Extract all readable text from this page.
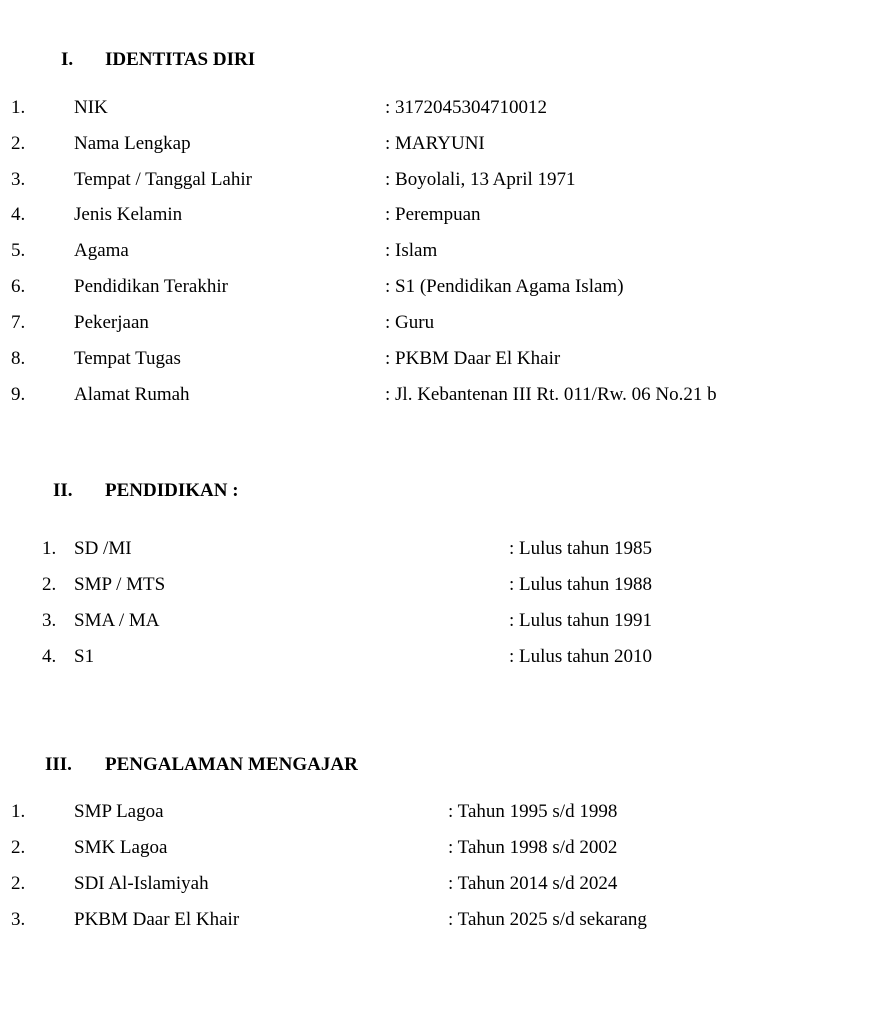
I. IDENTITAS DIRI
1.	NIK	: 3172045304710012
2.	Nama Lengkap	: MARYUNI
3.	Tempat / Tanggal Lahir	: Boyolali, 13 April 1971
4.	Jenis Kelamin	: Perempuan
5.	Agama	: Islam
6.	Pendidikan Terakhir	: S1 (Pendidikan Agama Islam)
7.	Pekerjaan	: Guru
8.	Tempat Tugas	: PKBM Daar El Khair
9.	Alamat Rumah	: Jl. Kebantenan III Rt. 011/Rw. 06 No.21 b
II. PENDIDIKAN :
1. SD /MI	: Lulus tahun 1985
2. SMP / MTS	: Lulus tahun 1988
3. SMA / MA	: Lulus tahun 1991
4. S1	: Lulus tahun 2010
III. PENGALAMAN MENGAJAR
1.	SMP Lagoa	: Tahun 1995 s/d 1998
2.	SMK Lagoa	: Tahun 1998 s/d 2002
2.	SDI Al-Islamiyah	: Tahun 2014 s/d 2024
3.	PKBM Daar El Khair	: Tahun 2025 s/d sekarang
